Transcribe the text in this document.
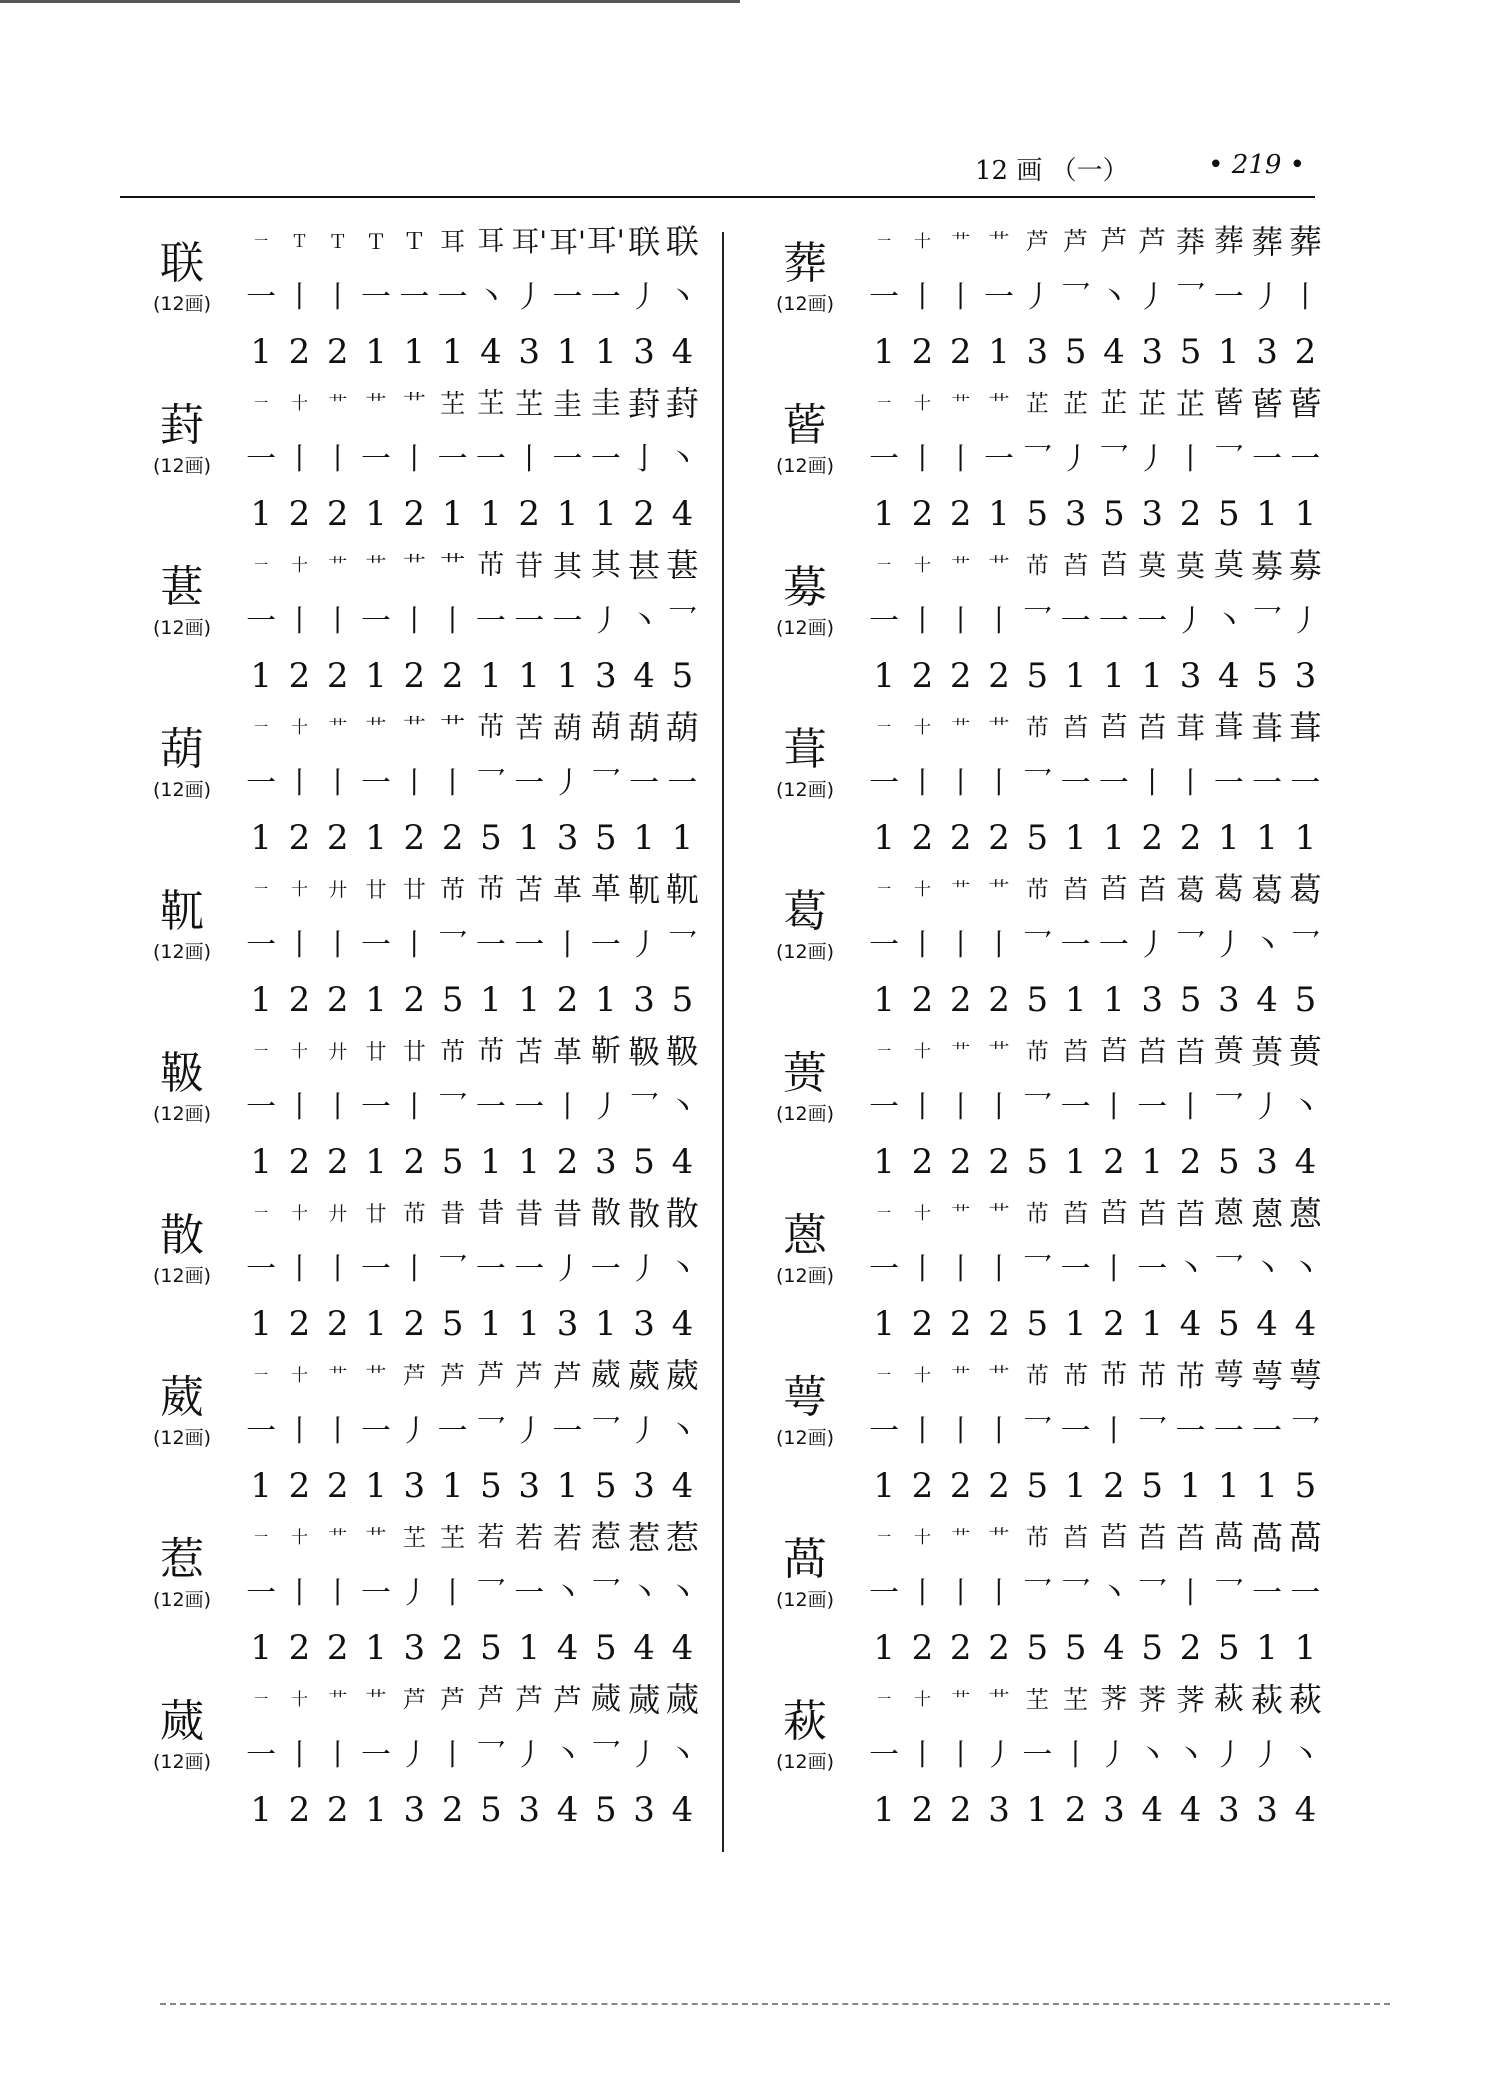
12 画 （一）	• 219 •
联
(12画)
一	Ｔ	Ｔ Ｔ Ｔ 耳 耳 耳' 耳' 耳' 联 联
一 丨 丨 一 一 一 丶 丿 一 一 丿 丶
1 2 2 1 1 1 4 3 1 1 3 4
葑
(12画)
一	十	艹 艹 艹 芏 芏 芏 圭 圭 葑 葑
一 丨 丨 一 丨 一 一 丨 一 一 亅 丶
1 2 2 1 2 1 1 2 1 1 2 4
葚
(12画)
一	十	艹 艹 艹 艹 芇 苷 其 其 甚 葚
一 丨 丨 一 丨 丨 一 一 一 丿 丶 乛
1 2 2 1 2 2 1 1 1 3 4 5
葫
(12画)
一	十	艹 艹 艹 艹 芇 苦 葫 葫 葫 葫
一 丨 丨 一 丨 丨 乛 一 丿 乛 一 一
1 2 2 1 2 2 5 1 3 5 1 1
靰
(12画)
一	十	廾 廿 廿 芇 芇 苫 革 革 靰 靰
一 丨 丨 一 丨 乛 一 一 丨 一 丿 乛
1 2 2 1 2 5 1 1 2 1 3 5
靸
(12画)
一	十	廾 廿 廿 芇 芇 苫 革 靳 靸 靸
一 丨 丨 一 丨 乛 一 一 丨 丿 乛 丶
1 2 2 1 2 5 1 1 2 3 5 4
散
(12画)
一	十	廾 廿 芇 昔 昔 昔 昔 散 散 散
一 丨 丨 一 丨 乛 一 一 丿 一 丿 丶
1 2 2 1 2 5 1 1 3 1 3 4
葳
(12画)
一	十	艹 艹 芦 芦 芦 芦 芦 葳 葳 葳
一 丨 丨 一 丿 一 乛 丿 一 乛 丿 丶
1 2 2 1 3 1 5 3 1 5 3 4
惹
(12画)
一	十	艹 艹 芏 芏 若 若 若 惹 惹 惹
一 丨 丨 一 丿 丨 乛 一 丶 乛 丶 丶
1 2 2 1 3 2 5 1 4 5 4 4
蒇
(12画)
一	十	艹 艹 芦 芦 芦 芦 芦 蒇 蒇 蒇
一 丨 丨 一 丿 丨 乛 丿 丶 乛 丿 丶
1 2 2 1 3 2 5 3 4 5 3 4
葬
(12画)
一	十	艹 艹 芦 芦 芦 芦 莽 葬 葬 葬
一 丨 丨 一 丿 乛 丶 丿 乛 一 丿 丨
1 2 2 1 3 5 4 3 5 1 3 2
蒈
(12画)
一	十	艹 艹 芷 芷 芷 芷 芷 蒈 蒈 蒈
一 丨 丨 一 乛 丿 乛 丿 丨 乛 一 一
1 2 2 1 5 3 5 3 2 5 1 1
募
(12画)
一	十	艹 艹 芇 苩 苩 莫 莫 莫 募 募
一 丨 丨 丨 乛 一 一 一 丿 丶 乛 丿
1 2 2 2 5 1 1 1 3 4 5 3
葺
(12画)
一	十	艹 艹 芇 苩 苩 苩 茸 葺 葺 葺
一 丨 丨 丨 乛 一 一 丨 丨 一 一 一
1 2 2 2 5 1 1 2 2 1 1 1
葛
(12画)
一	十	艹 艹 芇 苩 苩 苩 葛 葛 葛 葛
一 丨 丨 丨 乛 一 一 丿 乛 丿 丶 乛
1 2 2 2 5 1 1 3 5 3 4 5
蒉
(12画)
一	十	艹 艹 芇 苩 苩 苩 苩 蒉 蒉 蒉
一 丨 丨 丨 乛 一 丨 一 丨 乛 丿 丶
1 2 2 2 5 1 2 1 2 5 3 4
蒽
(12画)
一	十	艹 艹 芇 苩 苩 苩 苩 蒽 蒽 蒽
一 丨 丨 丨 乛 一 丨 一 丶 乛 丶 丶
1 2 2 2 5 1 2 1 4 5 4 4
萼
(12画)
一	十	艹 艹 芇 芇 芇 芇 芇 萼 萼 萼
一 丨 丨 丨 乛 一 丨 乛 一 一 一 乛
1 2 2 2 5 1 2 5 1 1 1 5
萵
(12画)
一	十	艹 艹 芇 苩 苩 苩 苩 萵 萵 萵
一 丨 丨 丨 乛 乛 丶 乛 丨 乛 一 一
1 2 2 2 5 5 4 5 2 5 1 1
萩
(12画)
一	十	艹 艹 芏 芏 荠 荠 荠 萩 萩 萩
一 丨 丨 丿 一 丨 丿 丶 丶 丿 丿 丶
1 2 2 3 1 2 3 4 4 3 3 4
